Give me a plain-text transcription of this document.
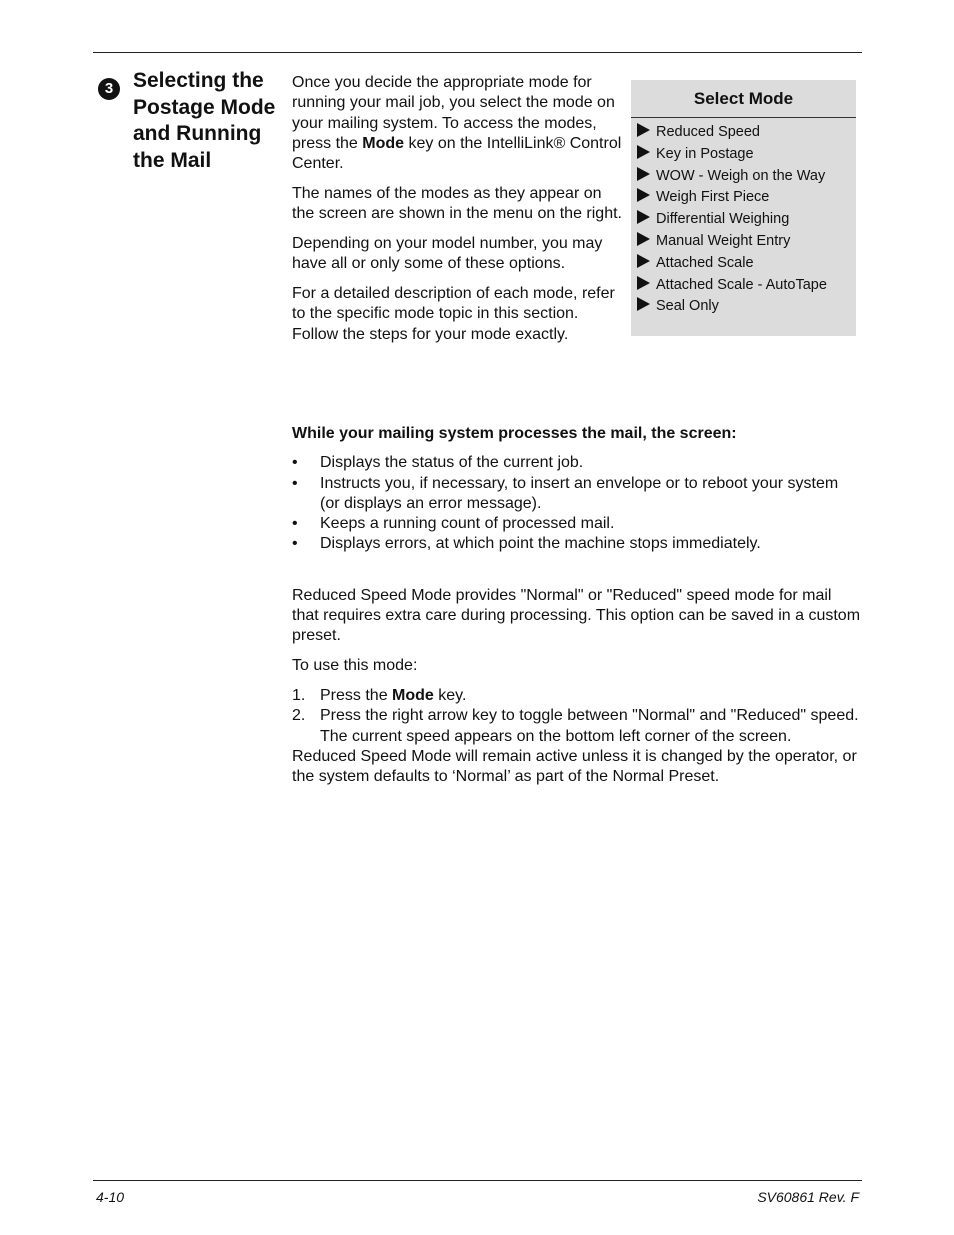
3 Selecting the Postage Mode and Running the Mail

Once you decide the appropriate mode for running your mail job, you select the mode on your mailing system. To access the modes, press the Mode key on the IntelliLink® Control Center.

The names of the modes as they appear on the screen are shown in the menu on the right.

Depending on your model number, you may have all or only some of these options.

For a detailed description of each mode, refer to the specific mode topic in this section. Follow the steps for your mode exactly.

Select Mode
Reduced Speed
Key in Postage
WOW - Weigh on the Way
Weigh First Piece
Differential Weighing
Manual Weight Entry
Attached Scale
Attached Scale - AutoTape
Seal Only

While your mailing system processes the mail, the screen:

• Displays the status of the current job.
• Instructs you, if necessary, to insert an envelope or to reboot your system (or displays an error message).
• Keeps a running count of processed mail.
• Displays errors, at which point the machine stops immediately.

Reduced Speed Mode provides "Normal" or "Reduced" speed mode for mail that requires extra care during processing. This option can be saved in a custom preset.

To use this mode:

1. Press the Mode key.
2. Press the right arrow key to toggle between "Normal" and "Reduced" speed. The current speed appears on the bottom left corner of the screen.

Reduced Speed Mode will remain active unless it is changed by the operator, or the system defaults to ‘Normal’ as part of the Normal Preset.

4-10	SV60861 Rev. F
